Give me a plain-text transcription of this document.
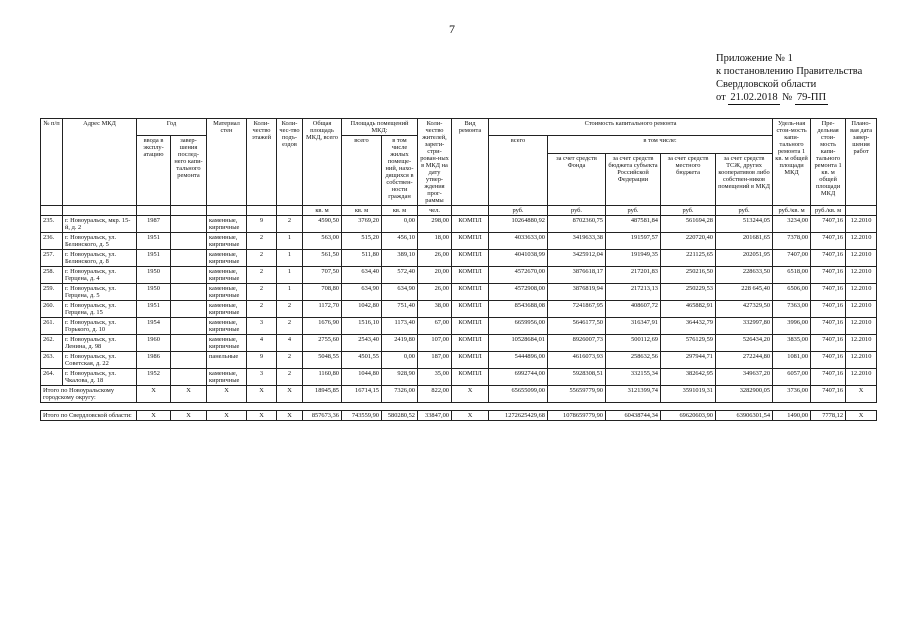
7
Приложение № 1
к постановлению Правительства
Свердловской области
от 21.02.2018 № 79-ПП
№ п/п	Адрес МКД	Год		Материал стен	Коли-чество этажей	Коли-чес-тво подъ-ездов	Общая площадь МКД, всего	Площадь помещений МКД:		Коли-чество жителей, зареги-стри-рован-ных в МКД на дату утвер-ждения прог-раммы	Вид ремонта	Стоимость капитального ремонта					Удель-ная стои-мость капи-тального ремонта 1 кв. м общей площади МКД	Пре-дельная стои-мость капи-тального ремонта 1 кв. м общей площади МКД	Плано-вая дата завер-шения работ
		ввода в эксплу-атацию	завер-шения послед-него капи-тального ремонта					всего	в том числе жилых помеще-ний, нахо-дящихся в собствен-ности граждан			всего	в том числе:						
													за счет средств Фонда	за счет средств бюджета субъекта Российской Федерации	за счет средств местного бюджета	за счет средств ТСЖ, других кооперативов либо собствен-ников помещений в МКД			
							кв. м	кв. м	кв. м	чел.		руб.	руб.	руб.	руб.	руб.	руб./кв. м	руб./кв. м	
235.	г. Новоуральск, мкр. 15-й, д. 2	1987		каменные, кирпичные	9	2	4590,50	3769,20	0,00	298,00	КОМПЛ	10264880,92	8702360,75	487581,84	561694,28	513244,05	3234,00	7407,16	12.2010
236.	г. Новоуральск, ул. Белинского, д. 5	1951		каменные, кирпичные	2	1	563,00	515,20	456,10	18,00	КОМПЛ	4033633,00	3419633,38	191597,57	220720,40	201681,65	7378,00	7407,16	12.2010
257.	г. Новоуральск, ул. Белинского, д. 8	1951		каменные, кирпичные	2	1	561,50	511,80	389,10	26,00	КОМПЛ	4041038,99	3425912,04	191949,35	221125,65	202051,95	7407,00	7407,16	12.2010
258.	г. Новоуральск, ул. Герцена, д. 4	1950		каменные, кирпичные	2	1	707,50	634,40	572,40	20,00	КОМПЛ	4572670,00	3876618,17	217201,83	250216,50	228633,50	6518,00	7407,16	12.2010
259.	г. Новоуральск, ул. Герцена, д. 5	1950		каменные, кирпичные	2	1	708,80	634,90	634,90	26,00	КОМПЛ	4572908,00	3876819,94	217213,13	250229,53	228 645,40	6506,00	7407,16	12.2010
260.	г. Новоуральск, ул. Герцена, д. 15	1951		каменные, кирпичные	2	2	1172,70	1042,80	751,40	38,00	КОМПЛ	8543688,08	7241867,95	408607,72	465882,91	427329,50	7363,00	7407,16	12.2010
261.	г. Новоуральск, ул. Горького, д. 10	1954		каменные, кирпичные	3	2	1676,90	1516,10	1173,40	67,00	КОМПЛ	6659956,00	5646177,50	316347,91	364432,79	332997,80	3996,00	7407,16	12.2010
262.	г. Новоуральск, ул. Ленина, д. 98	1960		каменные, кирпичные	4	4	2755,60	2543,40	2419,80	107,00	КОМПЛ	10528684,01	8926007,73	500112,69	576129,59	526434,20	3835,00	7407,16	12.2010
263.	г. Новоуральск, ул. Советская, д. 22	1986		панельные	9	2	5048,55	4501,55	0,00	187,00	КОМПЛ	5444896,00	4616073,93	258632,56	297944,71	272244,80	1081,00	7407,16	12.2010
264.	г. Новоуральск, ул. Чкалова, д. 18	1952		каменные, кирпичные	3	2	1160,80	1044,80	928,90	35,00	КОМПЛ	6992744,00	5928308,51	332155,34	382642,95	349637,20	6057,00	7407,16	12.2010
Итого по Новоуральскому городскому округу:		X	X	X	X	X	18945,85	16714,15	7326,00	822,00	X	65655099,00	55659779,90	3121399,74	3591019,31	3282900,05	3736,00	7407,16	X

Итого по Свердловской области:		X	X	X	X	X	857673,36	743559,90	580280,52	33847,00	X	1272625429,68	1078659779,90	60438744,34	69620603,90	63906301,54	1490,00	7778,12	X
